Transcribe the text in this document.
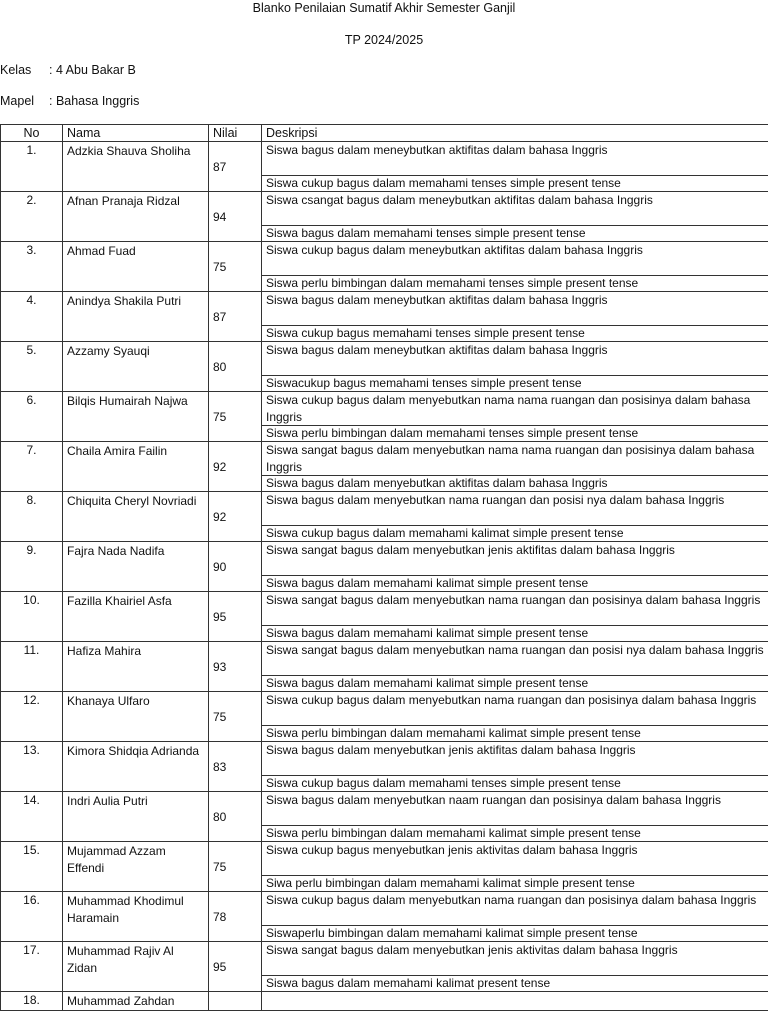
Blanko Penilaian Sumatif Akhir Semester Ganjil
TP 2024/2025
Kelas : 4 Abu Bakar B
Mapel : Bahasa Inggris
No	Nama	Nilai	Deskripsi
1.	Adzkia Shauva Sholiha	87	Siswa bagus dalam meneybutkan aktifitas dalam bahasa Inggris
Siswa cukup bagus dalam memahami tenses simple present tense

2.	Afnan Pranaja Ridzal	94	Siswa csangat bagus dalam meneybutkan aktifitas dalam bahasa Inggris
Siswa bagus dalam memahami tenses simple present tense

3.	Ahmad Fuad	75	Siswa cukup bagus dalam meneybutkan aktifitas dalam bahasa Inggris
Siswa perlu bimbingan dalam memahami tenses simple present tense

4.	Anindya Shakila Putri	87	Siswa bagus dalam meneybutkan aktifitas dalam bahasa Inggris
Siswa cukup bagus memahami tenses simple present tense

5.	Azzamy Syauqi	80	Siswa bagus dalam meneybutkan aktifitas dalam bahasa Inggris
Siswacukup bagus memahami tenses simple present tense

6.	Bilqis Humairah Najwa	75	Siswa cukup bagus dalam menyebutkan nama nama ruangan dan posisinya dalam bahasa Inggris
Siswa perlu bimbingan dalam memahami tenses simple present tense

7.	Chaila Amira Failin	92	Siswa sangat bagus dalam menyebutkan nama nama ruangan dan posisinya dalam bahasa Inggris
Siswa bagus dalam menyebutkan aktifitas dalam bahasa Inggris

8.	Chiquita Cheryl Novriadi	92	Siswa bagus dalam menyebutkan nama ruangan dan posisi nya dalam bahasa Inggris
Siswa cukup bagus dalam memahami kalimat simple present tense

9.	Fajra Nada Nadifa	90	Siswa sangat bagus dalam menyebutkan jenis aktifitas dalam bahasa Inggris
Siswa bagus dalam memahami kalimat simple present tense

10.	Fazilla Khairiel Asfa	95	Siswa sangat bagus dalam menyebutkan nama ruangan dan posisinya dalam bahasa Inggris
Siswa bagus dalam memahami kalimat simple present tense

11.	Hafiza Mahira	93	Siswa sangat bagus dalam menyebutkan nama ruangan dan posisi nya dalam bahasa Inggris
Siswa bagus dalam memahami kalimat simple present tense

12.	Khanaya Ulfaro	75	Siswa cukup bagus dalam menyebutkan nama ruangan dan posisinya dalam bahasa Inggris
Siswa perlu bimbingan dalam memahami kalimat simple present tense

13.	Kimora Shidqia Adrianda	83	Siswa bagus dalam menyebutkan jenis aktifitas dalam bahasa Inggris
Siswa cukup bagus dalam memahami tenses simple present tense

14.	Indri Aulia Putri	80	Siswa bagus dalam menyebutkan naam ruangan dan posisinya dalam bahasa Inggris
Siswa perlu bimbingan dalam memahami kalimat simple present tense

15.	Mujammad Azzam Effendi	75	Siswa cukup bagus menyebutkan jenis aktivitas dalam bahasa Inggris
Siwa perlu bimbingan dalam memahami kalimat simple present tense

16.	Muhammad Khodimul Haramain	78	Siswa cukup bagus dalam menyebutkan nama ruangan dan posisinya dalam bahasa Inggris
Siswaperlu bimbingan dalam memahami kalimat simple present tense

17.	Muhammad Rajiv Al Zidan	95	Siswa sangat bagus dalam menyebutkan jenis aktivitas dalam bahasa Inggris
Siswa bagus dalam memahami kalimat present tense

18.	Muhammad Zahdan		
